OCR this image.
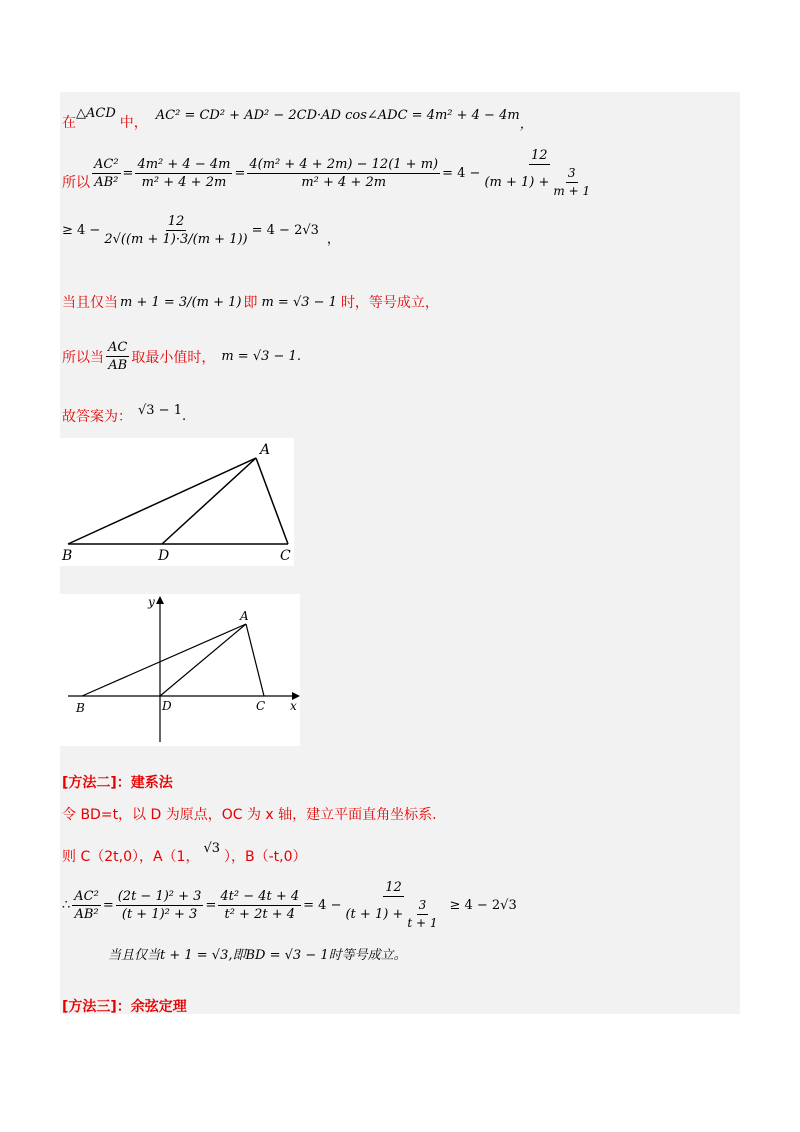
在
△ACD
中， AC² = CD² + AD² − 2CD·AD cos∠ADC = 4m² + 4 − 4m
，
所以 $\frac{\text{AC²}}{\text{AB²}} = \frac{\text{4m² + 4 − 4m}}{\text{m² + 4 + 2m}} = \frac{\text{4(m² + 4 + 2m) − 12(1 + m)}}{\text{m² + 4 + 2m}} = 4 - \frac{12}{(m + 1) + \frac{3}{m + 1}}$
≥ $4 - \frac{12}{2√((m + 1)\cdot 3/(m + 1))} = 4 - 2√3$
，
当且仅当 m + 1 = 3/(m + 1) 即 m = √3 − 1 时，等号成立，
所以当 $\frac{AC}{AB}$ 取最小值时， m = √3 − 1 .
故答案为： √3 − 1 .
A
B	D	C
A
B	D	C x
y
[方法二]：建系法
令 BD=t，以 D 为原点，OC 为 x 轴，建立平面直角坐标系.
则 C（2t,0），A（1，
√3
），B（-t,0）
∴ $\frac{\text{AC²}}{\text{AB²}} = \frac{\text{(2t − 1)² + 3}}{\text{(t + 1)² + 3}} = \frac{\text{4t² − 4t + 4}}{\text{t² + 2t + 4}} = 4 - \frac{12}{(t + 1) + \frac{3}{t + 1}} \ge 4 - 2√3$
当且仅当t + 1 = √3,即BD = √3 − 1时等号成立。
[方法三]：余弦定理
